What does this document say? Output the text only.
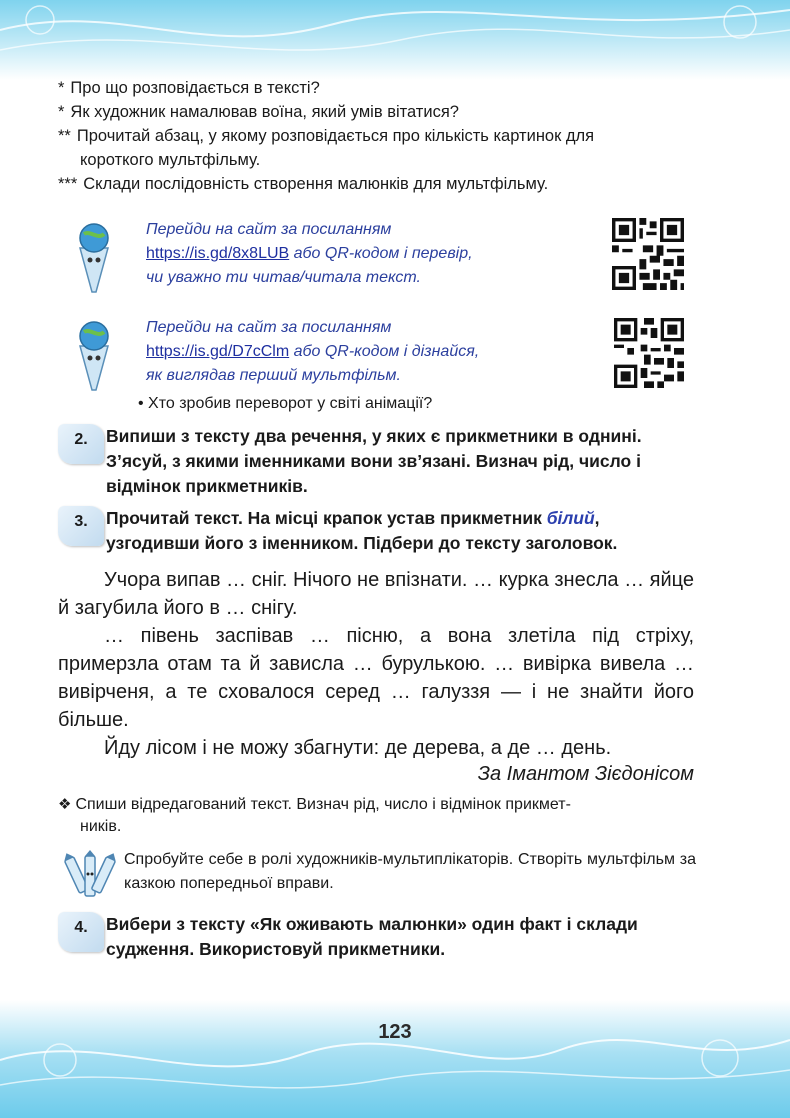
* Про що розповідається в тексті?
* Як художник намалював воїна, який умів вітатися?
** Прочитай абзац, у якому розповідається про кількість картинок для
короткого мультфільму.
*** Склади послідовність створення малюнків для мультфільму.
Перейди на сайт за посиланням
https://is.gd/8x8LUB або QR-кодом і перевір,
чи уважно ти читав/читала текст.
Перейди на сайт за посиланням
https://is.gd/D7cClm або QR-кодом і дізнайся,
як виглядав перший мультфільм.
• Хто зробив переворот у світі анімації?
2.	Випиши з тексту два речення, у яких є прикметники в однині.
З’ясуй, з якими іменниками вони зв’язані. Визнач рід, число і
відмінок прикметників.
3.	Прочитай текст. На місці крапок устав прикметник білий,
узгодивши його з іменником. Підбери до тексту заголовок.

Учора випав … сніг. Нічого не впізнати. … курка знесла … яйце й загубила його в … снігу.

… півень заспівав … пісню, а вона злетіла під стріху, примерзла отам та й зависла … бурулькою. … вивірка вивела … вивірченя, а те сховалося серед … галуззя — і не знайти його більше.

Йду лісом і не можу збагнути: де дерева, а де … день.

За Імантом Зієдонісом
❖ Спиши відредагований текст. Визнач рід, число і відмінок прикмет-
ників.
Спробуйте себе в ролі художників-мультиплікаторів. Створіть мультфільм за казкою попередньої вправи.
4.	Вибери з тексту «Як оживають малюнки» один факт і склади
судження. Використовуй прикметники.
123
